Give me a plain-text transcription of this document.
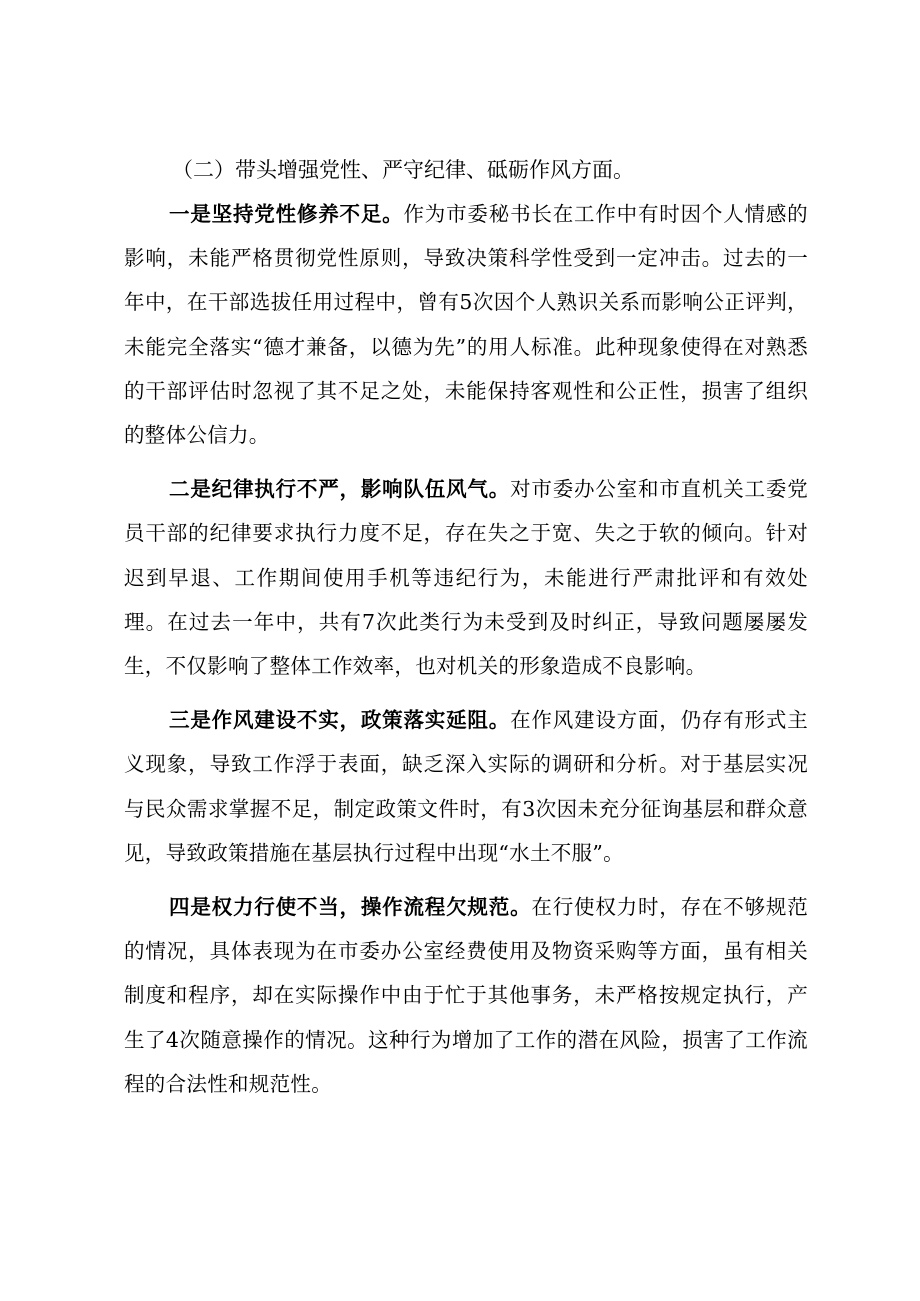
（二）带头增强党性、严守纪律、砥砺作风方面。

一是坚持党性修养不足。作为市委秘书长在工作中有时因个人情感的影响，未能严格贯彻党性原则，导致决策科学性受到一定冲击。过去的一年中，在干部选拔任用过程中，曾有5次因个人熟识关系而影响公正评判，未能完全落实“德才兼备，以德为先”的用人标准。此种现象使得在对熟悉的干部评估时忽视了其不足之处，未能保持客观性和公正性，损害了组织的整体公信力。

二是纪律执行不严，影响队伍风气。对市委办公室和市直机关工委党员干部的纪律要求执行力度不足，存在失之于宽、失之于软的倾向。针对迟到早退、工作期间使用手机等违纪行为，未能进行严肃批评和有效处理。在过去一年中，共有7次此类行为未受到及时纠正，导致问题屡屡发生，不仅影响了整体工作效率，也对机关的形象造成不良影响。

三是作风建设不实，政策落实延阻。在作风建设方面，仍存有形式主义现象，导致工作浮于表面，缺乏深入实际的调研和分析。对于基层实况与民众需求掌握不足，制定政策文件时，有3次因未充分征询基层和群众意见，导致政策措施在基层执行过程中出现“水土不服”。

四是权力行使不当，操作流程欠规范。在行使权力时，存在不够规范的情况，具体表现为在市委办公室经费使用及物资采购等方面，虽有相关制度和程序，却在实际操作中由于忙于其他事务，未严格按规定执行，产生了4次随意操作的情况。这种行为增加了工作的潜在风险，损害了工作流程的合法性和规范性。
